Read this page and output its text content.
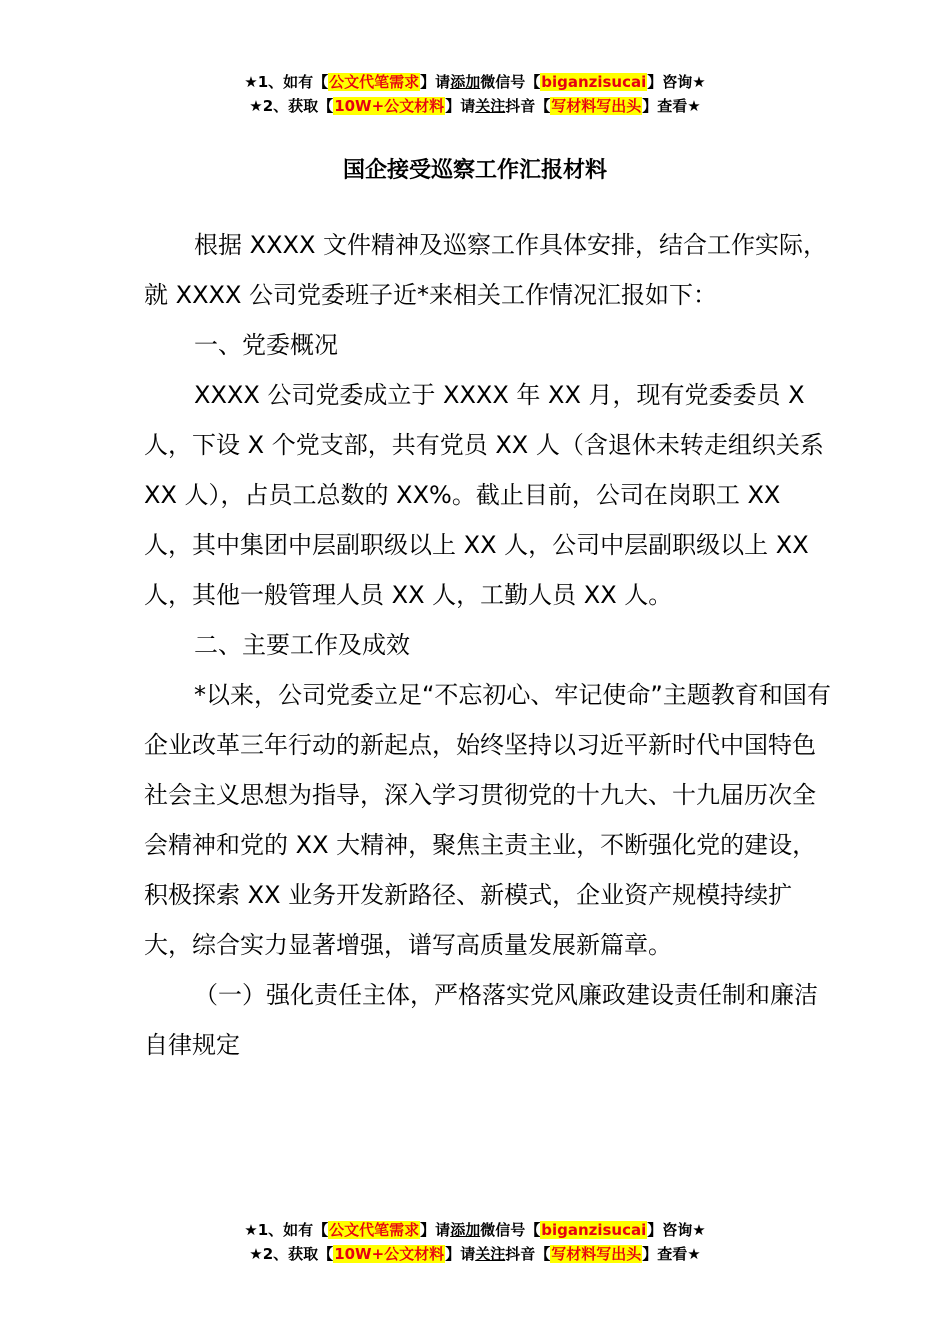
★1、如有【公文代笔需求】请添加微信号【biganzisucai】咨询★
★2、获取【10W+公文材料】请关注抖音【写材料写出头】查看★
国企接受巡察工作汇报材料

根据 XXXX 文件精神及巡察工作具体安排，结合工作实际，就 XXXX 公司党委班子近*来相关工作情况汇报如下：

一、党委概况

XXXX 公司党委成立于 XXXX 年 XX 月，现有党委委员 X 人，下设 X 个党支部，共有党员 XX 人（含退休未转走组织关系 XX 人），占员工总数的 XX%。截止目前，公司在岗职工 XX 人，其中集团中层副职级以上 XX 人，公司中层副职级以上 XX 人，其他一般管理人员 XX 人，工勤人员 XX 人。

二、主要工作及成效

*以来，公司党委立足“不忘初心、牢记使命”主题教育和国有企业改革三年行动的新起点，始终坚持以习近平新时代中国特色社会主义思想为指导，深入学习贯彻党的十九大、十九届历次全会精神和党的 XX 大精神，聚焦主责主业，不断强化党的建设，积极探索 XX 业务开发新路径、新模式，企业资产规模持续扩大，综合实力显著增强，谱写高质量发展新篇章。

（一）强化责任主体，严格落实党风廉政建设责任制和廉洁自律规定

★1、如有【公文代笔需求】请添加微信号【biganzisucai】咨询★
★2、获取【10W+公文材料】请关注抖音【写材料写出头】查看★
